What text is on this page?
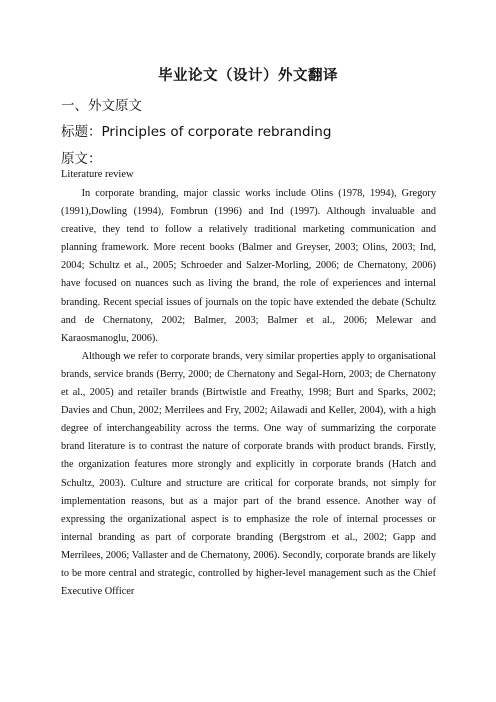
毕业论文（设计）外文翻译
一、外文原文
标题：Principles of corporate rebranding
原文：
Literature review

In corporate branding, major classic works include Olins (1978, 1994), Gregory (1991),Dowling (1994), Fombrun (1996) and Ind (1997). Although invaluable and creative, they tend to follow a relatively traditional marketing communication and planning framework. More recent books (Balmer and Greyser, 2003; Olins, 2003; Ind, 2004; Schultz et al., 2005; Schroeder and Salzer-Morling, 2006; de Chernatony, 2006) have focused on nuances such as living the brand, the role of experiences and internal branding. Recent special issues of journals on the topic have extended the debate (Schultz and de Chernatony, 2002; Balmer, 2003; Balmer et al., 2006; Melewar and Karaosmanoglu, 2006).

Although we refer to corporate brands, very similar properties apply to organisational brands, service brands (Berry, 2000; de Chernatony and Segal-Horn, 2003; de Chernatony et al., 2005) and retailer brands (Birtwistle and Freathy, 1998; Burt and Sparks, 2002; Davies and Chun, 2002; Merrilees and Fry, 2002; Ailawadi and Keller, 2004), with a high degree of interchangeability across the terms. One way of summarizing the corporate brand literature is to contrast the nature of corporate brands with product brands. Firstly, the organization features more strongly and explicitly in corporate brands (Hatch and Schultz, 2003). Culture and structure are critical for corporate brands, not simply for implementation reasons, but as a major part of the brand essence. Another way of expressing the organizational aspect is to emphasize the role of internal processes or internal branding as part of corporate branding (Bergstrom et al., 2002; Gapp and Merrilees, 2006; Vallaster and de Chernatony, 2006). Secondly, corporate brands are likely to be more central and strategic, controlled by higher-level management such as the Chief Executive Officer
